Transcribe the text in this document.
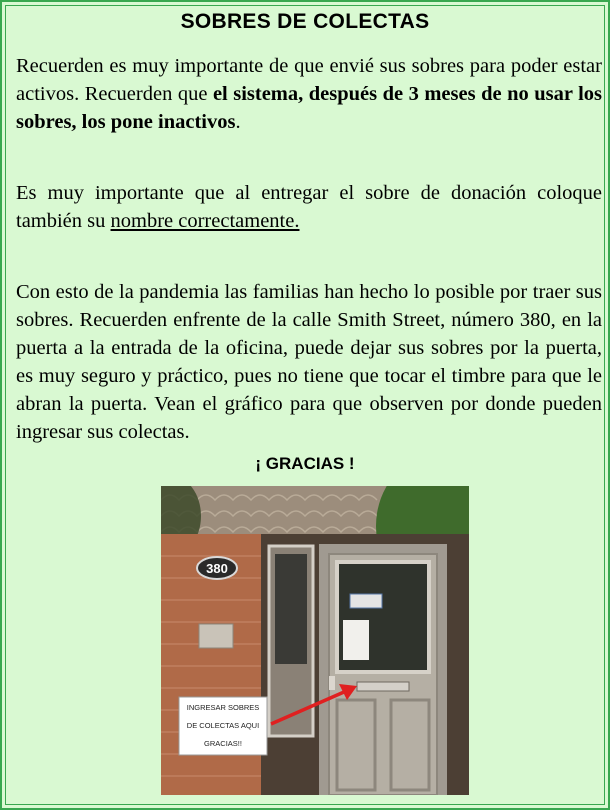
SOBRES DE COLECTAS

Recuerden es muy importante de que envié sus sobres para poder estar activos. Recuerden que el sistema, después de 3 meses de no usar los sobres, los pone inactivos.

Es muy importante que al entregar el sobre de donación coloque también su nombre correctamente.

Con esto de la pandemia las familias han hecho lo posible por traer sus sobres. Recuerden enfrente de la calle Smith Street, número 380, en la puerta a la entrada de la oficina, puede dejar sus sobres por la puerta, es muy seguro y práctico, pues no tiene que tocar el timbre para que le abran la puerta. Vean el gráfico para que observen por donde pueden ingresar sus colectas.

¡ GRACIAS !
380
INGRESAR SOBRES
DE COLECTAS AQUI
GRACIAS!!
